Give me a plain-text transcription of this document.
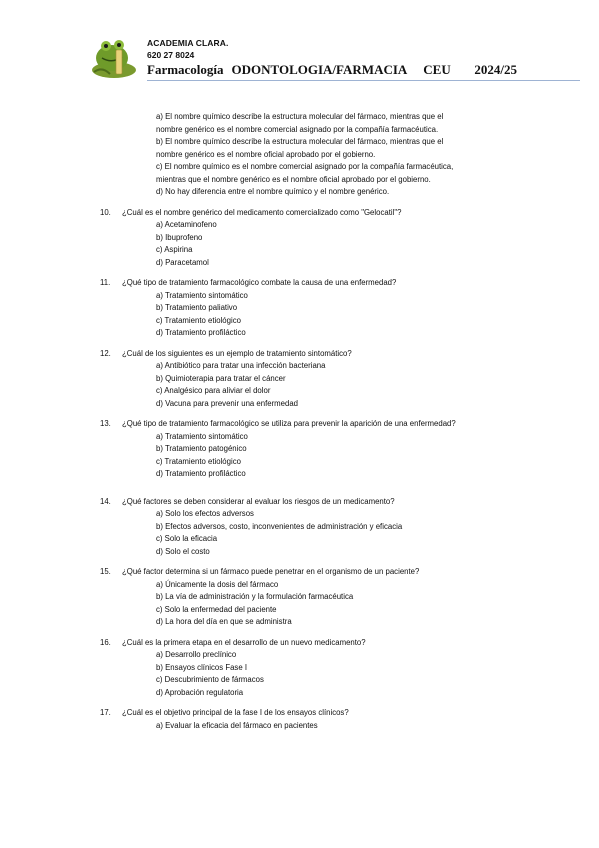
ACADEMIA CLARA.
620 27 8024
Farmacología ODONTOLOGIA/FARMACIA CEU 2024/25
a) El nombre químico describe la estructura molecular del fármaco, mientras que el
nombre genérico es el nombre comercial asignado por la compañía farmacéutica.
b) El nombre químico describe la estructura molecular del fármaco, mientras que el
nombre genérico es el nombre oficial aprobado por el gobierno.
c) El nombre químico es el nombre comercial asignado por la compañía farmacéutica,
mientras que el nombre genérico es el nombre oficial aprobado por el gobierno.
d) No hay diferencia entre el nombre químico y el nombre genérico.
10.	¿Cuál es el nombre genérico del medicamento comercializado como "Gelocatil"?
a) Acetaminofeno
b) Ibuprofeno
c) Aspirina
d) Paracetamol
11.	¿Qué tipo de tratamiento farmacológico combate la causa de una enfermedad?
a) Tratamiento sintomático
b) Tratamiento paliativo
c) Tratamiento etiológico
d) Tratamiento profiláctico
12.	¿Cuál de los siguientes es un ejemplo de tratamiento sintomático?
a) Antibiótico para tratar una infección bacteriana
b) Quimioterapia para tratar el cáncer
c) Analgésico para aliviar el dolor
d) Vacuna para prevenir una enfermedad
13.	¿Qué tipo de tratamiento farmacológico se utiliza para prevenir la aparición de una enfermedad?
a) Tratamiento sintomático
b) Tratamiento patogénico
c) Tratamiento etiológico
d) Tratamiento profiláctico
14.	¿Qué factores se deben considerar al evaluar los riesgos de un medicamento?
a) Solo los efectos adversos
b) Efectos adversos, costo, inconvenientes de administración y eficacia
c) Solo la eficacia
d) Solo el costo
15.	¿Qué factor determina si un fármaco puede penetrar en el organismo de un paciente?
a) Únicamente la dosis del fármaco
b) La vía de administración y la formulación farmacéutica
c) Solo la enfermedad del paciente
d) La hora del día en que se administra
16.	¿Cuál es la primera etapa en el desarrollo de un nuevo medicamento?
a) Desarrollo preclínico
b) Ensayos clínicos Fase I
c) Descubrimiento de fármacos
d) Aprobación regulatoria
17.	¿Cuál es el objetivo principal de la fase I de los ensayos clínicos?
a) Evaluar la eficacia del fármaco en pacientes
